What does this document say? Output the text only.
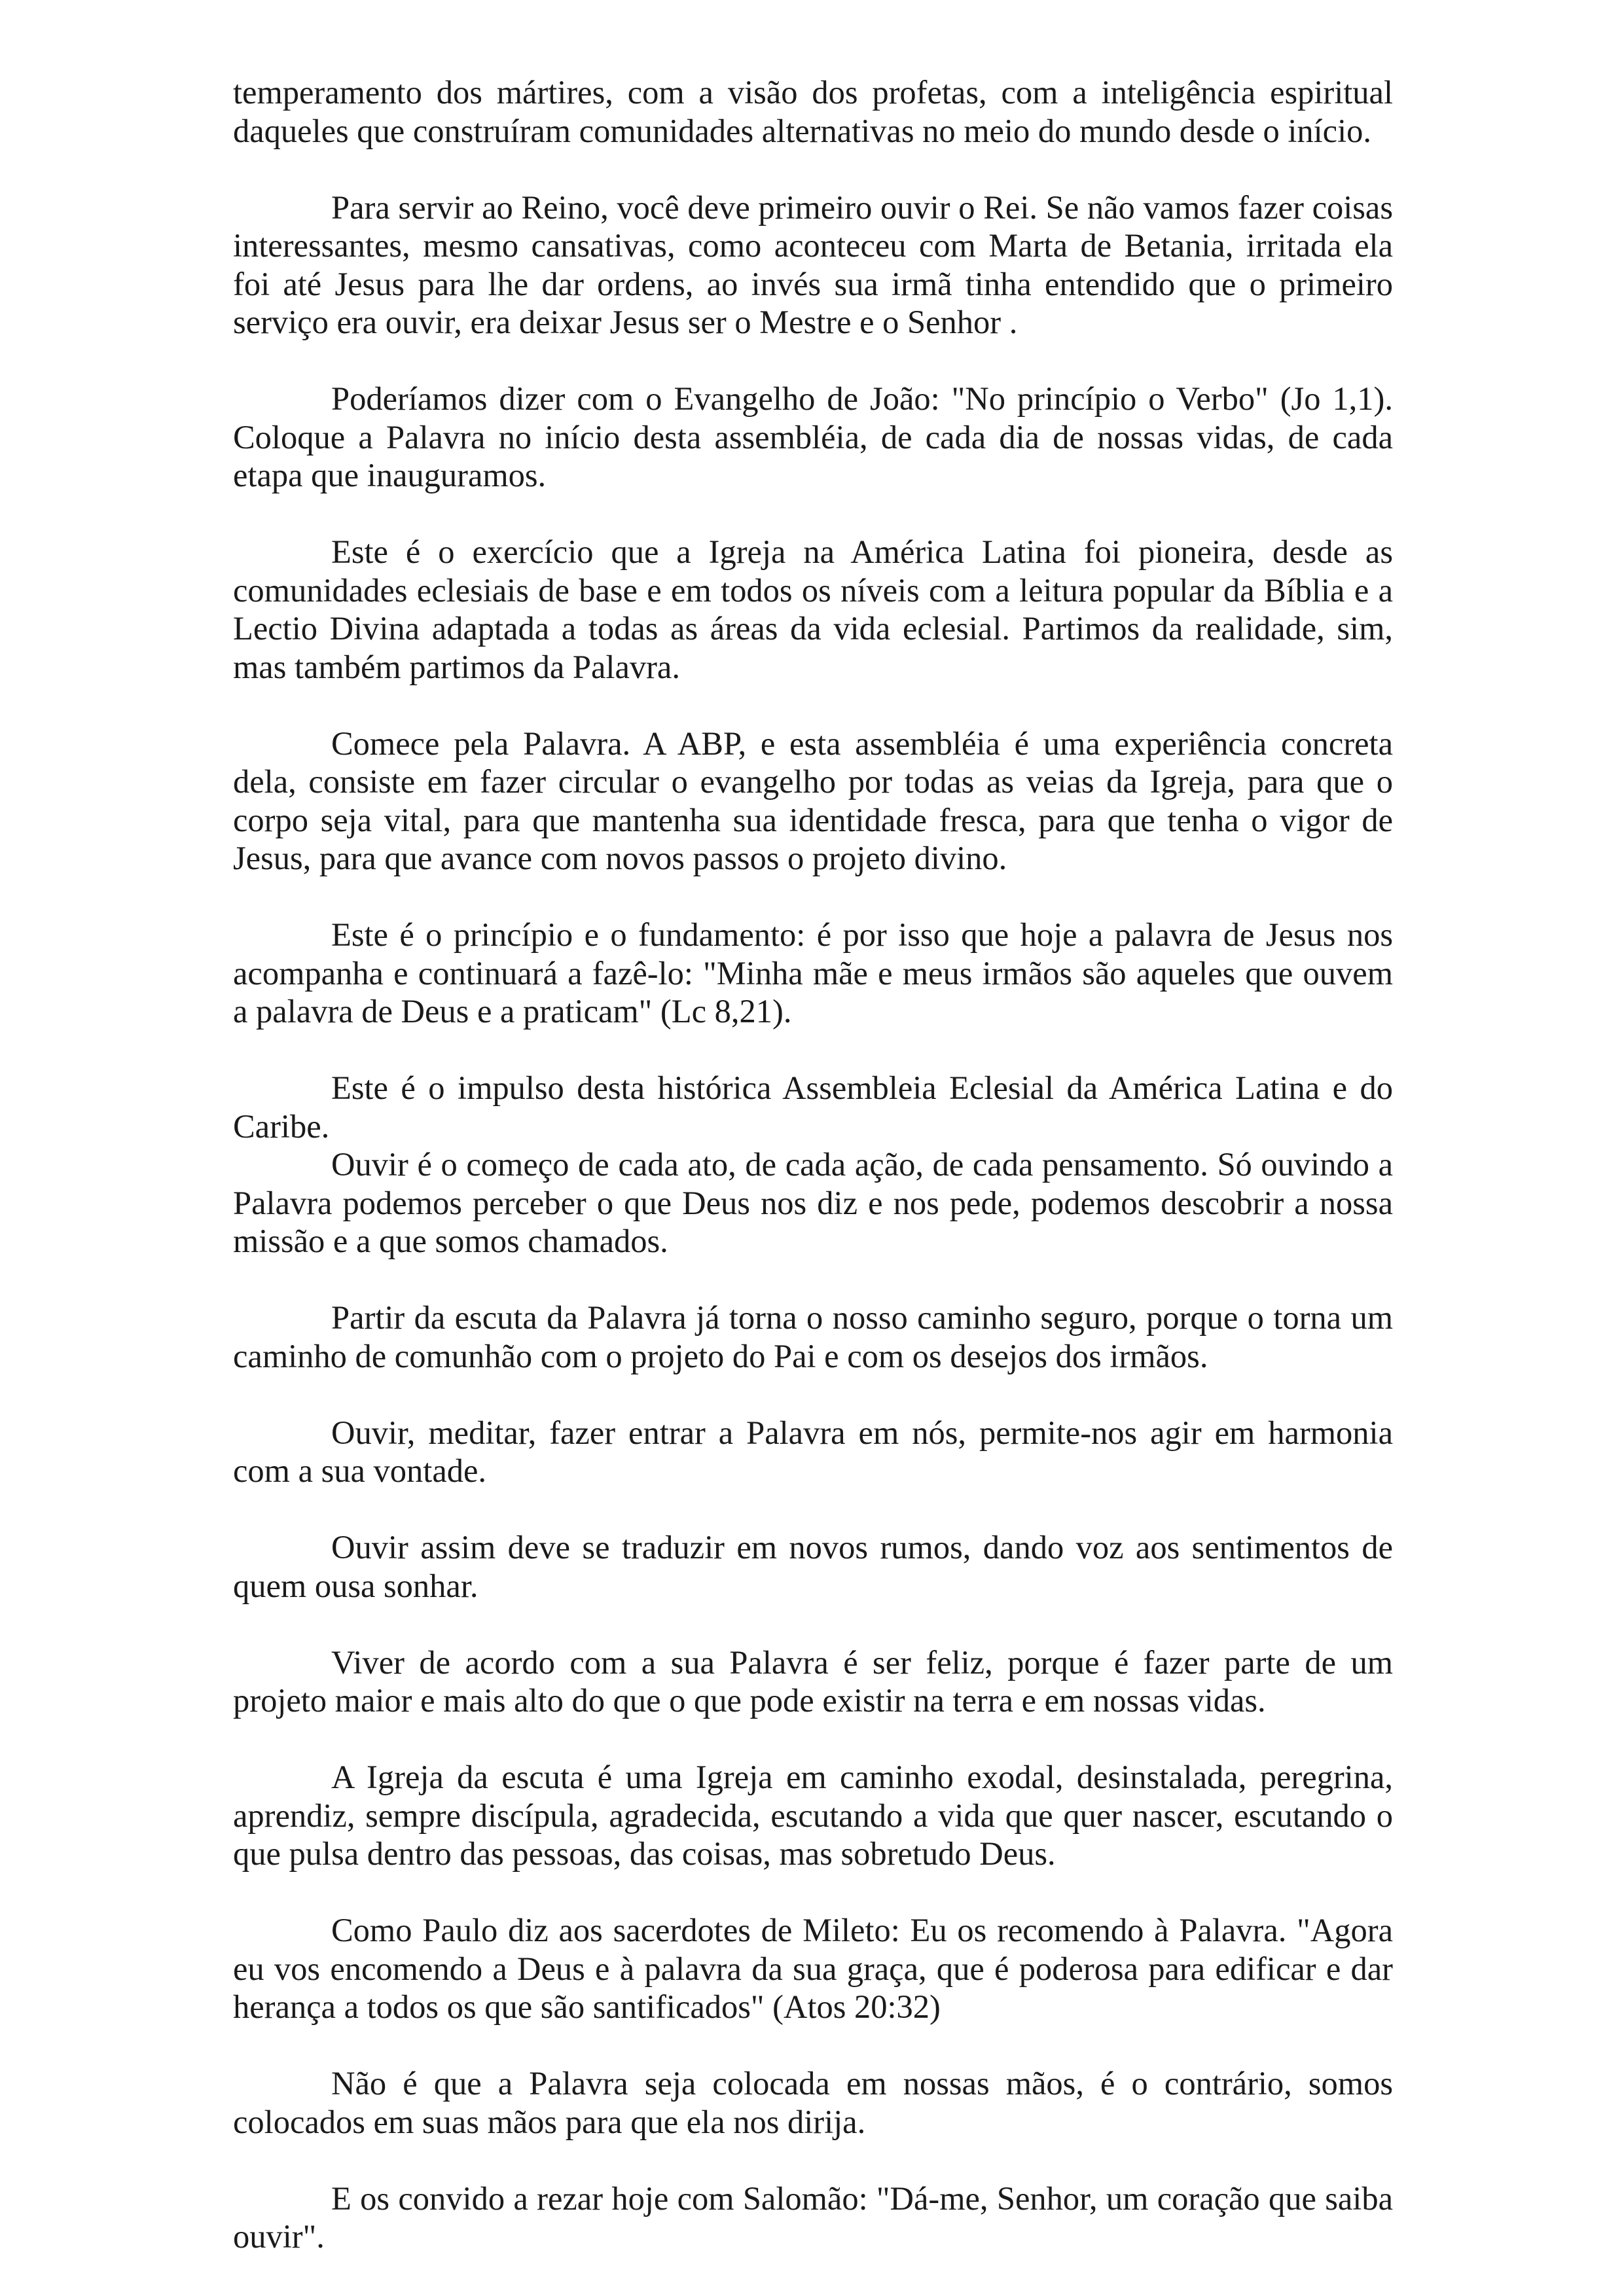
temperamento dos mártires, com a visão dos profetas, com a inteligência espiritual daqueles que construíram comunidades alternativas no meio do mundo desde o início.

Para servir ao Reino, você deve primeiro ouvir o Rei. Se não vamos fazer coisas interessantes, mesmo cansativas, como aconteceu com Marta de Betania, irritada ela foi até Jesus para lhe dar ordens, ao invés sua irmã tinha entendido que o primeiro serviço era ouvir, era deixar Jesus ser o Mestre e o Senhor .

Poderíamos dizer com o Evangelho de João: "No princípio o Verbo" (Jo 1,1). Coloque a Palavra no início desta assembléia, de cada dia de nossas vidas, de cada etapa que inauguramos.

Este é o exercício que a Igreja na América Latina foi pioneira, desde as comunidades eclesiais de base e em todos os níveis com a leitura popular da Bíblia e a Lectio Divina adaptada a todas as áreas da vida eclesial. Partimos da realidade, sim, mas também partimos da Palavra.

Comece pela Palavra. A ABP, e esta assembléia é uma experiência concreta dela, consiste em fazer circular o evangelho por todas as veias da Igreja, para que o corpo seja vital, para que mantenha sua identidade fresca, para que tenha o vigor de Jesus, para que avance com novos passos o projeto divino.

Este é o princípio e o fundamento: é por isso que hoje a palavra de Jesus nos acompanha e continuará a fazê-lo: "Minha mãe e meus irmãos são aqueles que ouvem a palavra de Deus e a praticam" (Lc 8,21).

Este é o impulso desta histórica Assembleia Eclesial da América Latina e do Caribe.

Ouvir é o começo de cada ato, de cada ação, de cada pensamento. Só ouvindo a Palavra podemos perceber o que Deus nos diz e nos pede, podemos descobrir a nossa missão e a que somos chamados.

Partir da escuta da Palavra já torna o nosso caminho seguro, porque o torna um caminho de comunhão com o projeto do Pai e com os desejos dos irmãos.

Ouvir, meditar, fazer entrar a Palavra em nós, permite-nos agir em harmonia com a sua vontade.

Ouvir assim deve se traduzir em novos rumos, dando voz aos sentimentos de quem ousa sonhar.

Viver de acordo com a sua Palavra é ser feliz, porque é fazer parte de um projeto maior e mais alto do que o que pode existir na terra e em nossas vidas.

A Igreja da escuta é uma Igreja em caminho exodal, desinstalada, peregrina, aprendiz, sempre discípula, agradecida, escutando a vida que quer nascer, escutando o que pulsa dentro das pessoas, das coisas, mas sobretudo Deus.

Como Paulo diz aos sacerdotes de Mileto: Eu os recomendo à Palavra. "Agora eu vos encomendo a Deus e à palavra da sua graça, que é poderosa para edificar e dar herança a todos os que são santificados" (Atos 20:32)

Não é que a Palavra seja colocada em nossas mãos, é o contrário, somos colocados em suas mãos para que ela nos dirija.

E os convido a rezar hoje com Salomão: "Dá-me, Senhor, um coração que saiba ouvir".
